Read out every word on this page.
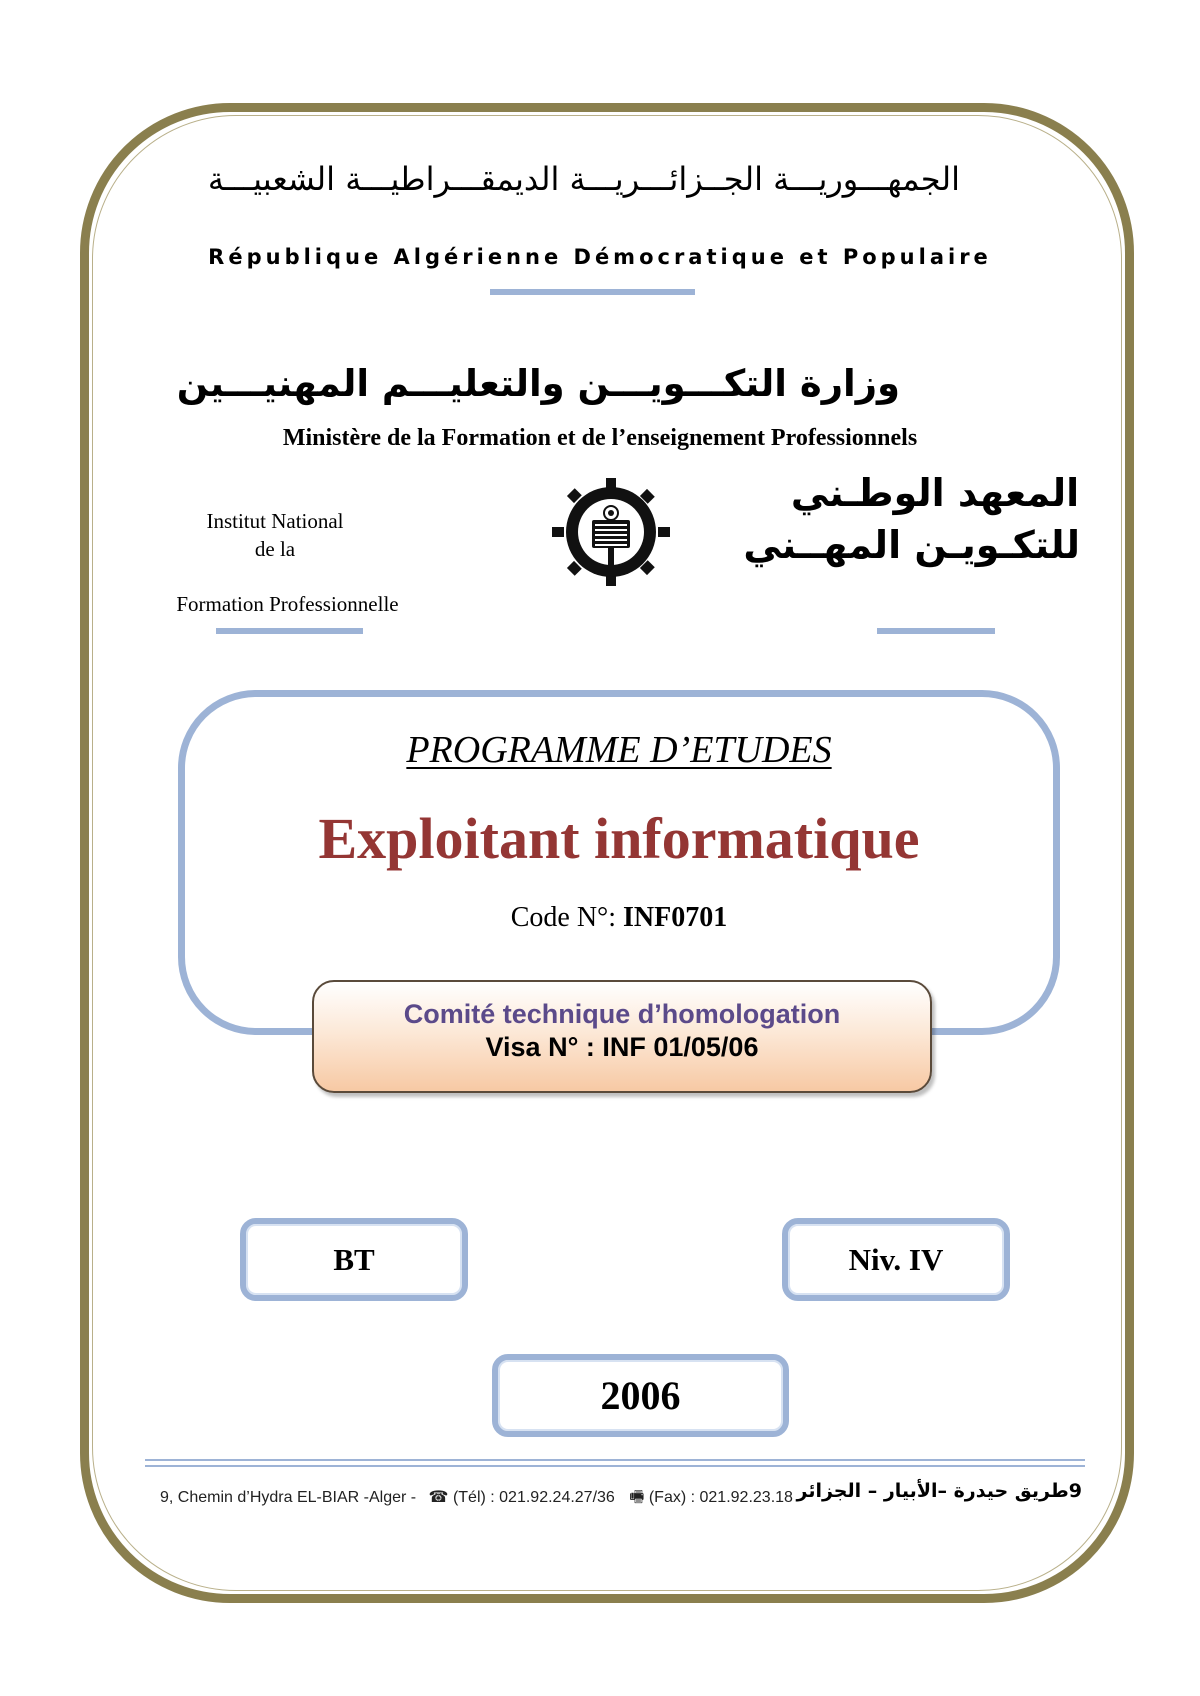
الجمهـــوريـــة الجــزائـــريـــة الديمقـــراطيـــة الشعبيـــة
République Algérienne Démocratique et Populaire
وزارة التكـــويـــن والتعليـــم المهنيـــين
Ministère de la Formation et de l’enseignement Professionnels
Institut National
de la
Formation Professionnelle
المعهد الوطـني
للتكـويـن المهــني
PROGRAMME D’ETUDES
Exploitant informatique
Code N°: INF0701
Comité technique d’homologation
Visa N° : INF 01/05/06
BT	Niv. IV
2006
9, Chemin d’Hydra EL-BIAR -Alger - ☎ (Tél) : 021.92.24.27/36 🖷 (Fax) : 021.92.23.18 9طريق حيدرة –الأبيار – الجزائر
